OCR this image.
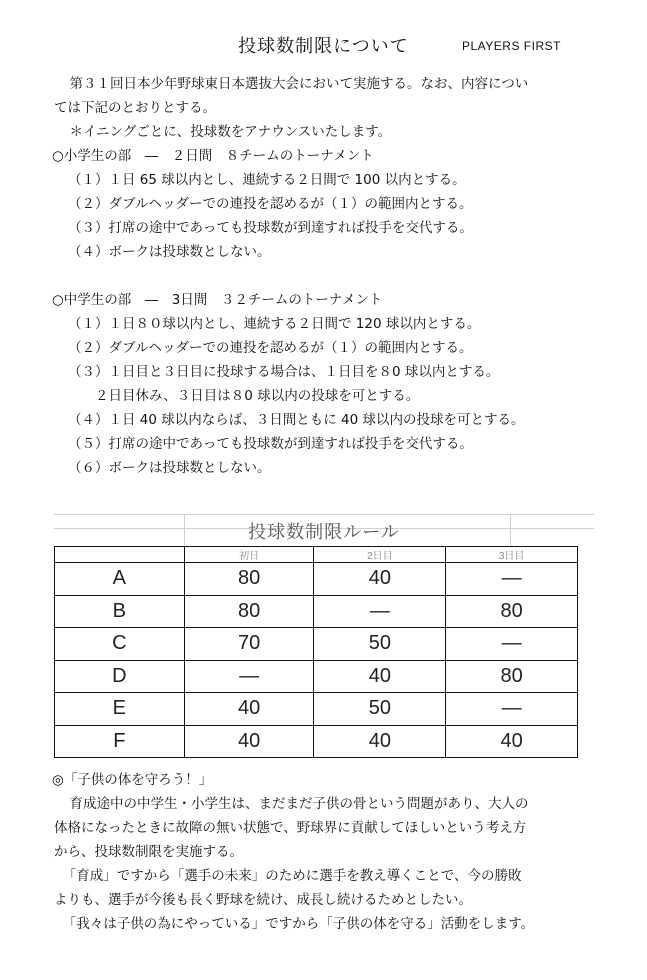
投球数制限について	PLAYERS FIRST
　第３１回日本少年野球東日本選抜大会において実施する。なお、内容につい
ては下記のとおりとする。
　＊イニングごとに、投球数をアナウンスいたします。
○小学生の部　―　２日間　８チームのトーナメント
（１）１日 65 球以内とし、連続する２日間で 100 以内とする。
（２）ダブルヘッダーでの連投を認めるが（１）の範囲内とする。
（３）打席の途中であっても投球数が到達すれば投手を交代する。
（４）ボークは投球数としない。
○中学生の部　―　3日間　３２チームのトーナメント
（１）１日８０球以内とし、連続する２日間で 120 球以内とする。
（２）ダブルヘッダーでの連投を認めるが（１）の範囲内とする。
（３）１日目と３日目に投球する場合は、１日目を８0 球以内とする。
　　２日目休み、３日目は８0 球以内の投球を可とする。
（４）１日 40 球以内ならば、３日間ともに 40 球以内の投球を可とする。
（５）打席の途中であっても投球数が到達すれば投手を交代する。
（６）ボークは投球数としない。
投球数制限ルール
	初日	2日目	3日目
A	80	40	―
B	80	―	80
C	70	50	―
D	―	40	80
E	40	50	―
F	40	40	40
◎「子供の体を守ろう！」
　育成途中の中学生・小学生は、まだまだ子供の骨という問題があり、大人の
体格になったときに故障の無い状態で、野球界に貢献してほしいという考え方
から、投球数制限を実施する。
　「育成」ですから「選手の未来」のために選手を教え導くことで、今の勝敗
よりも、選手が今後も長く野球を続け、成長し続けるためとしたい。
　「我々は子供の為にやっている」ですから「子供の体を守る」活動をします。
